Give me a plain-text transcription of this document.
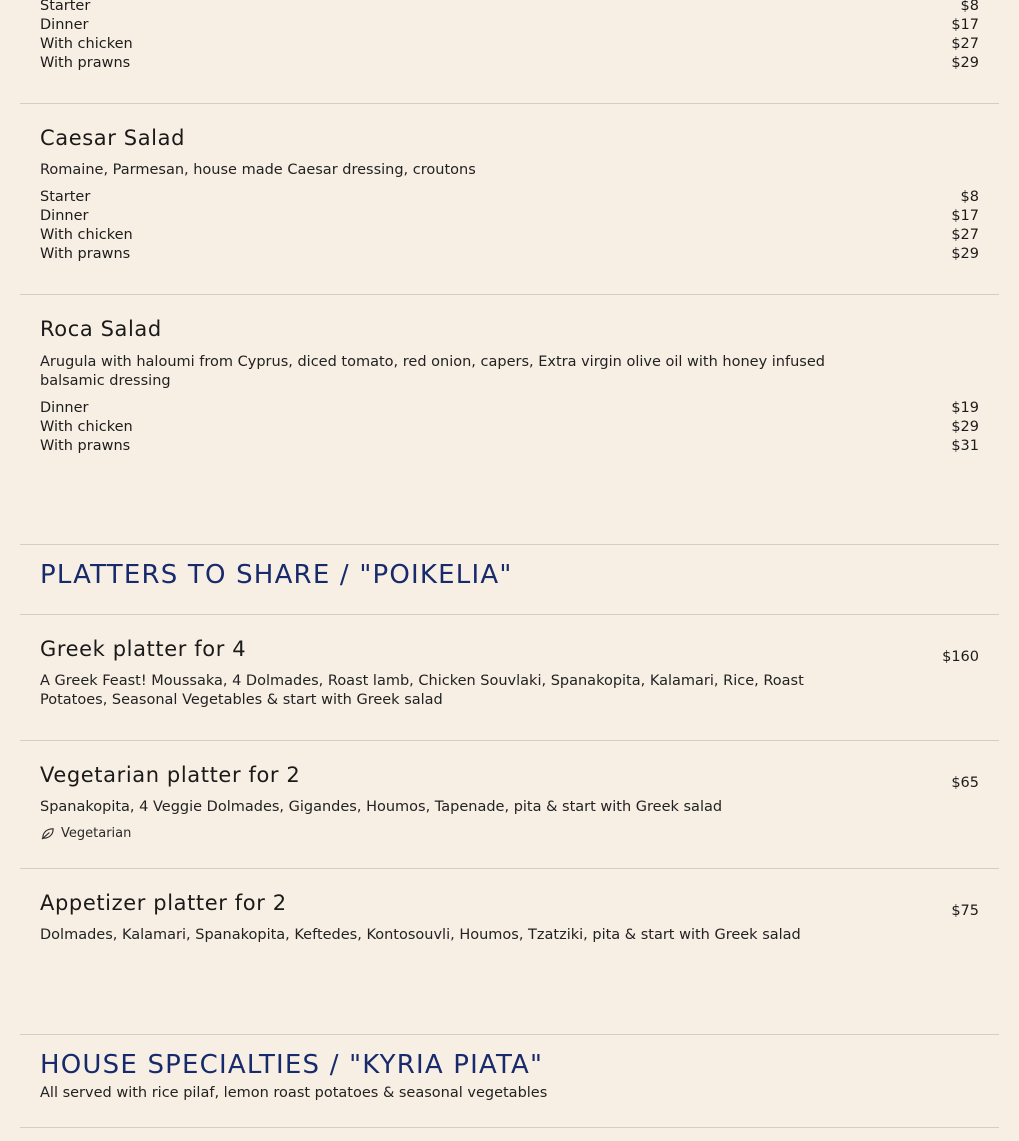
Starter	$8
Dinner	$17
With chicken	$27
With prawns	$29
Caesar Salad
Romaine, Parmesan, house made Caesar dressing, croutons
Starter	$8
Dinner	$17
With chicken	$27
With prawns	$29
Roca Salad
Arugula with haloumi from Cyprus, diced tomato, red onion, capers, Extra virgin olive oil with honey infused balsamic dressing
Dinner	$19
With chicken	$29
With prawns	$31
PLATTERS TO SHARE / "POIKELIA"
Greek platter for 4	$160
A Greek Feast! Moussaka, 4 Dolmades, Roast lamb, Chicken Souvlaki, Spanakopita, Kalamari, Rice, Roast Potatoes, Seasonal Vegetables & start with Greek salad
Vegetarian platter for 2	$65
Spanakopita, 4 Veggie Dolmades, Gigandes, Houmos, Tapenade, pita & start with Greek salad
Vegetarian
Appetizer platter for 2	$75
Dolmades, Kalamari, Spanakopita, Keftedes, Kontosouvli, Houmos, Tzatziki, pita & start with Greek salad
HOUSE SPECIALTIES / "KYRIA PIATA"
All served with rice pilaf, lemon roast potatoes & seasonal vegetables
